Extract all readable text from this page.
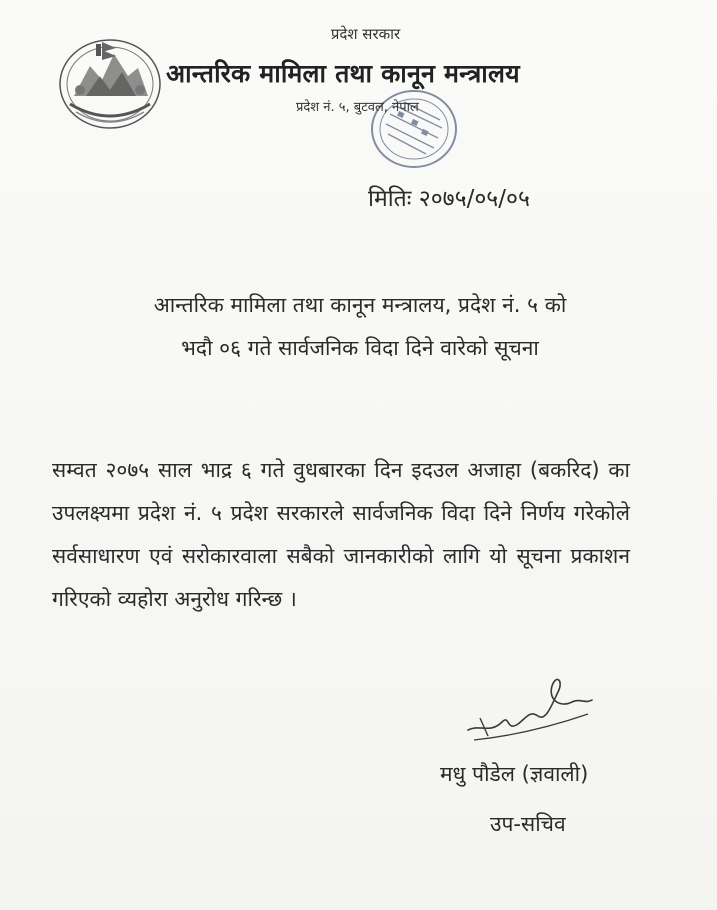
प्रदेश सरकार
आन्तरिक मामिला तथा कानून मन्त्रालय
प्रदेश नं. ५, बुटवल, नेपाल
मितिः २०७५/०५/०५
आन्तरिक मामिला तथा कानून मन्त्रालय, प्रदेश नं. ५ को
भदौ ०६ गते सार्वजनिक विदा दिने वारेको सूचना
सम्वत २०७५ साल भाद्र ६ गते वुधबारका दिन इदउल अजाहा (बकरिद) का उपलक्ष्यमा प्रदेश नं. ५ प्रदेश सरकारले सार्वजनिक विदा दिने निर्णय गरेकोले सर्वसाधारण एवं सरोकारवाला सबैको जानकारीको लागि यो सूचना प्रकाशन गरिएको व्यहोरा अनुरोध गरिन्छ ।
मधु पौडेल (ज्ञवाली)
उप-सचिव
